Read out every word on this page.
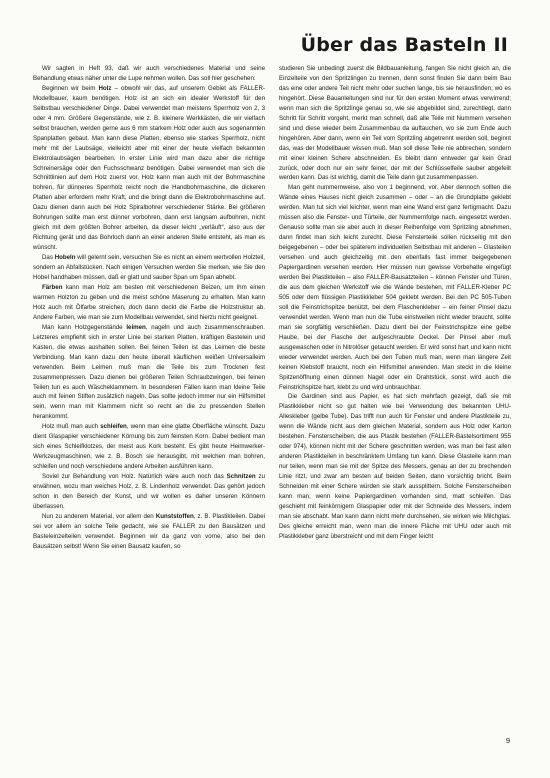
Über das Basteln II

Wir sagten in Heft 93, daß wir auch verschiedenes Material und seine Behandlung etwas näher unter die Lupe nehmen wollen. Das soll hier geschehen:

Beginnen wir beim Holz – obwohl wir das, auf unserem Gebiet als FALLER-Modellbauer, kaum benötigen. Holz ist an sich ein idealer Werkstoff für den Selbstbau verschiedener Dinge. Dabei verwendet man meistens Sperrholz von 2, 3 oder 4 mm. Größere Gegenstände, wie z. B. kleinere Werkkästen, die wir vielfach selbst brauchen, werden gerne aus 6 mm starkem Holz oder auch aus sogenannten Spanplatten gebaut. Man kann diese Platten, ebenso wie starkes Sperrholz, nicht mehr mit der Laubsäge, vielleicht aber mit einer der heute vielfach bekannten Elektrolaubsägen bearbeiten. In erster Linie wird man dazu aber die richtige Schreinersäge oder den Fuchsschwanz benötigen. Dabei verwendet man sich die Schnittlinien auf dem Holz zuerst vor. Holz kann man auch mit der Bohrmaschine bohren, für dünneres Sperrholz reicht noch die Handbohrmaschine, die dickeren Platten aber erfordern mehr Kraft, und die bringt dann die Elektrobohrmaschine auf. Dazu dienen dann auch bei Holz Spiralbohrer verschiedener Stärke. Bei größeren Bohrungen sollte man erst dünner vorbohren, dann erst langsam aufbohren, nicht gleich mit dem größten Bohrer arbeiten, da dieser leicht „verläuft“, also aus der Richtung gerät und das Bohrloch dann an einer anderen Stelle entsteht, als man es wünscht.

Das Hobeln will gelernt sein, versuchen Sie es nicht an einem wertvollen Holzteil, sondern an Abfallstücken. Nach einigen Versuchen werden Sie merken, wie Sie den Hobel handhaben müssen, daß er glatt und sauber Span um Span abhebt.

Färben kann man Holz am besten mit verschiedenen Beizen, um ihm einen warmen Holzton zu geben und die meist schöne Maserung zu erhalten. Man kann Holz auch mit Ölfarbe streichen, doch dann deckt die Farbe die Holzstruktur ab. Andere Farben, wie man sie zum Modellbau verwendet, sind hierzu nicht geeignet.

Man kann Holzgegenstände leimen, nageln und auch zusammenschrauben. Letzteres empfiehlt sich in erster Linie bei starken Platten, kräftigen Bastelein und Kasten, die etwas aushalten sollen. Bei feinen Teilen ist das Leimen die beste Verbindung. Man kann dazu den heute überall käuflichen weißen Universalleim verwenden. Beim Leimen muß man die Teile bis zum Trocknen fest zusammenpressen. Dazu dienen bei größeren Teilen Schraubzwingen, bei feinen Teilen tun es auch Wäscheklammern. In besonderen Fällen kann man kleine Teile auch mit feinen Stiften zusätzlich nageln. Das sollte jedoch immer nur ein Hilfsmittel sein, wenn man mit Klammern nicht so recht an die zu pressenden Stellen herankommt.

Holz muß man auch schleifen, wenn man eine glatte Oberfläche wünscht. Dazu dient Glaspapier verschiedener Körnung bis zum feinsten Korn. Dabei bedient man sich eines Schleifklotzes, der meist aus Kork besteht. Es gibt heute Heimwerker-Werkzeugmaschinen, wie z. B. Bosch sie herausgibt, mit welchen man bohren, schleifen und noch verschiedene andere Arbeiten ausführen kann.

Soviel zur Behandlung von Holz. Natürlich wäre auch noch das Schnitzen zu erwähnen, wozu man weiches Holz, z. B. Lindenholz verwendet. Das gehört jedoch schon in den Bereich der Kunst, und wir wollen es daher unseren Könnern überlassen.

Nun zu anderem Material, vor allem den Kunststoffen, z. B. Plastikteilen. Dabei sei vor allem an solche Teile gedacht, wie sie FALLER zu den Bausätzen und Basteleinzelteilen verwendet. Beginnen wir da ganz von vorne, also bei den Bausätzen selbst! Wenn Sie einen Bausatz kaufen, so

studieren Sie unbedingt zuerst die Bildbauanleitung, fangen Sie nicht gleich an, die Einzelteile von den Spritzlingen zu trennen, denn sonst finden Sie dann beim Bau das eine oder andere Teil nicht mehr oder suchen lange, bis sie herausfinden, wo es hingehört. Diese Bauanleitungen sind nur für den ersten Moment etwas verwirrend; wenn man sich die Spritzlinge genau so, wie sie abgebildet sind, zurechtlegt, dann Schritt für Schritt vorgeht, merkt man schnell, daß alle Teile mit Nummern versehen sind und diese wieder beim Zusammenbau da auftauchen, wo sie zum Ende auch hingehören. Aber dann, wenn ein Teil vom Spritzling abgetrennt werden soll, beginnt das, was der Modellbauer wissen muß. Man soll diese Teile nie abbrechen, sondern mit einer kleinen Schere abschneiden. Es bleibt dann entweder gar kein Grad zurück, oder doch nur ein sehr feiner, der mit der Schlüsselfeile sauber abgefeilt werden kann. Das ist wichtig, damit die Teile dann gut zusammenpassen.

Man geht nummernweise, also von 1 beginnend, vor. Aber dennoch sollten die Wände eines Hauses nicht gleich zusammen – oder – an die Grundplatte geklebt werden. Man tut sich viel leichter, wenn man eine Wand erst ganz fertigmacht. Dazu müssen also die Fenster- und Türteile, der Nummernfolge nach, eingesetzt werden. Genauso sollte man sie aber auch in dieser Reihenfolge vom Spritzling abnehmen, dann findet man sich leicht zurecht. Diese Fensterteile sollen rückseitig mit den beigegebenen – oder bei späterem individuellen Selbstbau mit anderen – Glasteilen versehen und auch gleichzeitig mit den ebenfalls fast immer beigegebenen Papiergardinen versehen werden. Hier müssen nun gewisse Vorbehalte eingefügt werden Bei Plastikteilen – also FALLER-Bausatzteilen – können Fenster und Türen, die aus dem gleichen Werkstoff wie die Wände bestehen, mit FALLER-Kleber PC 505 oder dem flüssigen Plastikkleber 504 geklebt werden. Bei den PC 505-Tuben soll die Feinstrichspitze benützt, bei dem Flaschenkleber – ein feiner Pinsel dazu verwendet werden. Wenn man nun die Tube einstweilen nicht wieder braucht, sollte man sie sorgfältig verschließen. Dazu dient bei der Feinstrichspitze eine gelbe Haube, bei der Flasche der aufgeschraubte Deckel. Der Pinsel aber muß ausgewaschen oder in Nitrolöser getaucht werden. Er wird sonst hart und kann nicht wieder verwendet werden. Auch bei den Tuben muß man, wenn man längere Zeit keinen Klebstoff braucht, noch ein Hilfsmittel anwenden. Man steckt in die kleine Spitzenöffnung einen dünnen Nagel oder ein Drahtstück, sonst wird auch die Feinstrichspitze hart, klebt zu und wird unbrauchbar.

Die Gardinen sind aus Papier, es hat sich mehrfach gezeigt, daß sie mit Plastikkleber nicht so gut halten wie bei Verwendung des bekannten UHU-Alleskleber (gelbe Tube). Das trifft nun auch für Fenster und andere Plastikteile zu, wenn die Wände nicht aus dem gleichen Material, sondern aus Holz oder Karton bestehen. Fensterscheiben, die aus Plastik bestehen (FALLER-Bastelsortiment 955 oder 974), können nicht mit der Schere geschnitten werden, was man bei fast allen anderen Plastikteilen in beschränktem Umfang tun kann. Diese Glasteile kann man nur teilen, wenn man sie mit der Spitze des Messers, genau an der zu brechenden Linie ritzt, und zwar am besten auf beiden Seiten, dann vorsichtig bricht. Beim Schneiden mit einer Schere würden sie stark aussplittern. Solche Fensterscheiben kann man, wenn keine Papiergardinen vorhanden sind, matt schleifen. Das geschieht mit feinkörnigem Glaspapier oder mit der Schneide des Messers, indem man sie abschabt. Man kann dann nicht mehr durchsehen, sie wirken wie Milchglas. Des gleiche erreicht man, wenn man die innere Fläche mit UHU oder auch mit Plastikkleber ganz überstreicht und mit dem Finger leicht

9
